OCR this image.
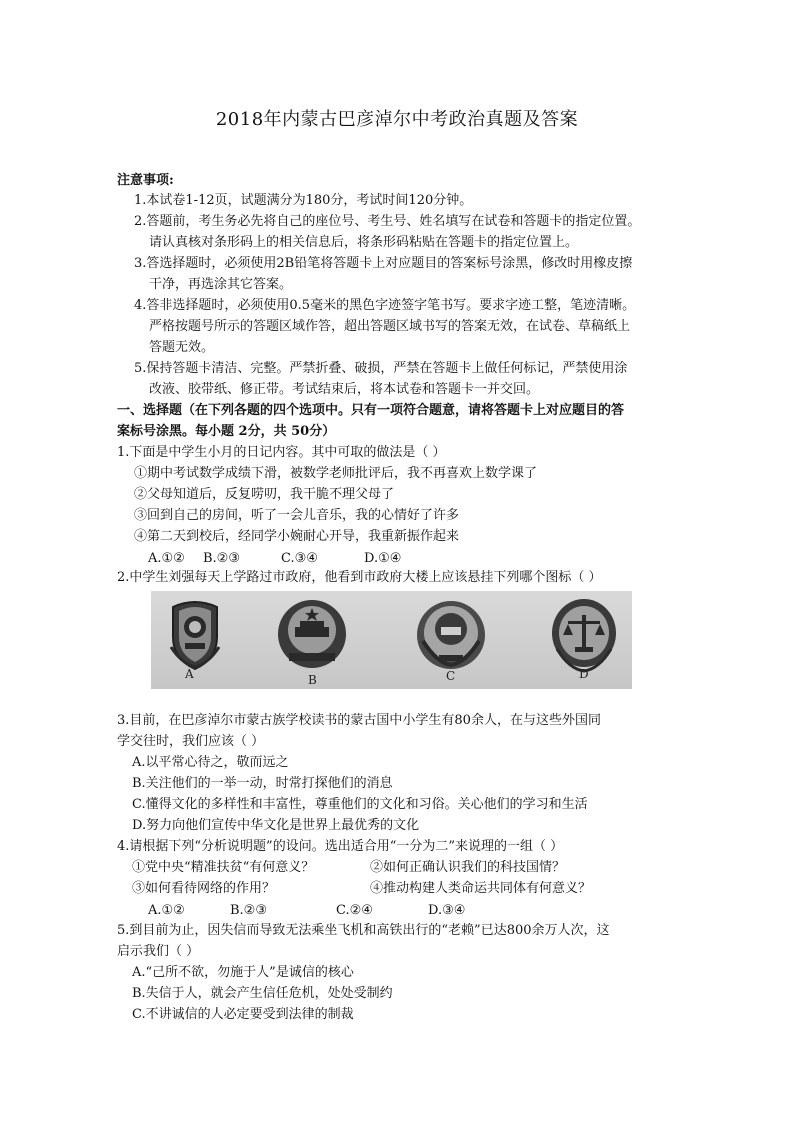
2018年内蒙古巴彦淖尔中考政治真题及答案
注意事项:
1.本试卷1-12页，试题满分为180分，考试时间120分钟。
2.答题前，考生务必先将自己的座位号、考生号、姓名填写在试卷和答题卡的指定位置。
请认真核对条形码上的相关信息后，将条形码粘贴在答题卡的指定位置上。
3.答选择题时，必须使用2B铅笔将答题卡上对应题目的答案标号涂黑，修改时用橡皮擦
干净，再选涂其它答案。
4.答非选择题时，必须使用0.5毫米的黑色字迹签字笔书写。要求字迹工整，笔迹清晰。
严格按题号所示的答题区域作答，超出答题区域书写的答案无效，在试卷、草稿纸上
答题无效。
5.保持答题卡清洁、完整。严禁折叠、破损，严禁在答题卡上做任何标记，严禁使用涂
改液、胶带纸、修正带。考试结束后，将本试卷和答题卡一并交回。
一、选择题（在下列各题的四个选项中。只有一项符合题意，请将答题卡上对应题目的答
案标号涂黑。每小题 2分，共 50分）
1.下面是中学生小月的日记内容。其中可取的做法是（ ）
①期中考试数学成绩下滑，被数学老师批评后，我不再喜欢上数学课了
②父母知道后，反复唠叨，我干脆不理父母了
③回到自己的房间，听了一会儿音乐，我的心情好了许多
④第二天到校后，经同学小婉耐心开导，我重新振作起来
A.①② B.②③	C.③④	D.①④
2.中学生刘强每天上学路过市政府，他看到市政府大楼上应该悬挂下列哪个图标（ ）
A	B	C	D
3.目前，在巴彦淖尔市蒙古族学校读书的蒙古国中小学生有80余人，在与这些外国同
学交往时，我们应该（ ）
A.以平常心待之，敬而远之
B.关注他们的一举一动，时常打探他们的消息
C.懂得文化的多样性和丰富性，尊重他们的文化和习俗。关心他们的学习和生活
D.努力向他们宣传中华文化是世界上最优秀的文化
4.请根据下列“分析说明题”的设问。选出适合用“一分为二”来说理的一组（ ）
①党中央“精准扶贫“有何意义？	②如何正确认识我们的科技国情？
③如何看待网络的作用？	④推动构建人类命运共同体有何意义？
A.①②	B.②③	C.②④	D.③④
5.到目前为止，因失信而导致无法乘坐飞机和高铁出行的“老赖”已达800余万人次，这
启示我们（ ）
A.“己所不欲，勿施于人”是诚信的核心
B.失信于人，就会产生信任危机，处处受制约
C.不讲诚信的人必定要受到法律的制裁
